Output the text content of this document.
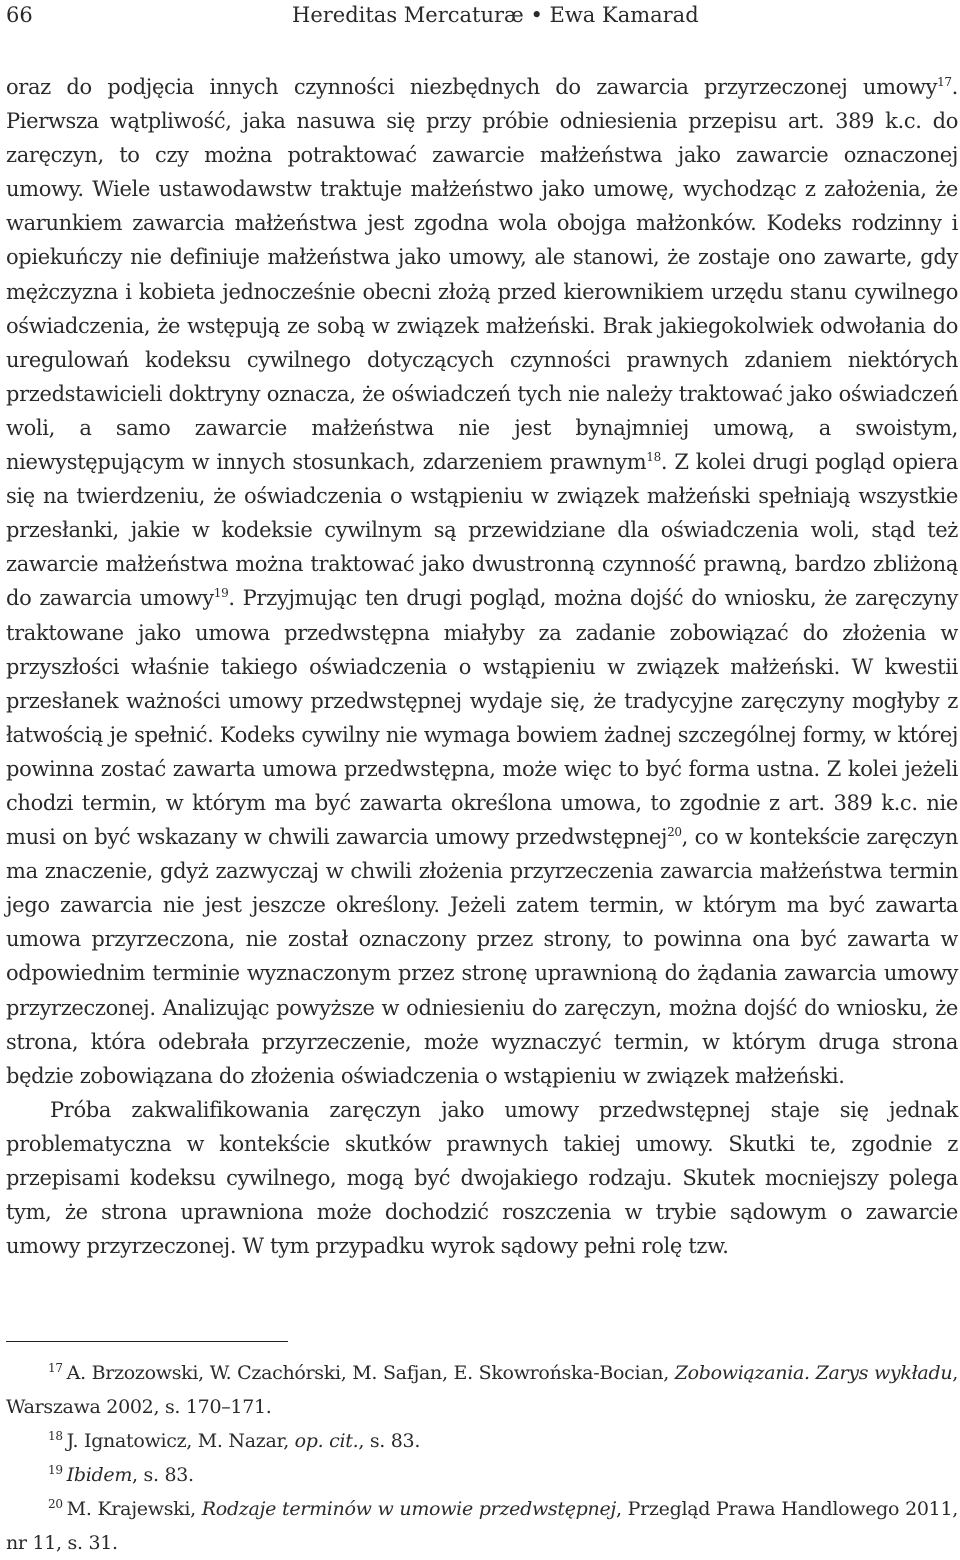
66	Hereditas Mercaturæ • Ewa Kamarad

oraz do podjęcia innych czynności niezbędnych do zawarcia przyrzeczonej umowy$^{17}$. Pierwsza wątpliwość, jaka nasuwa się przy próbie odniesienia przepisu art. 389 k.c. do zaręczyn, to czy można potraktować zawarcie małżeństwa jako zawarcie oznaczonej umowy. Wiele ustawodawstw traktuje małżeństwo jako umowę, wychodząc z założenia, że warunkiem zawarcia małżeństwa jest zgodna wola obojga małżonków. Kodeks rodzinny i opiekuńczy nie definiuje małżeństwa jako umowy, ale stanowi, że zostaje ono zawarte, gdy mężczyzna i kobieta jednocześnie obecni złożą przed kierownikiem urzędu stanu cywilnego oświadczenia, że wstępują ze sobą w związek małżeński. Brak jakiegokolwiek odwołania do uregulowań kodeksu cywilnego dotyczących czynności prawnych zdaniem niektórych przedstawicieli doktryny oznacza, że oświadczeń tych nie należy traktować jako oświadczeń woli, a samo zawarcie małżeństwa nie jest bynajmniej umową, a swoistym, niewystępującym w innych stosunkach, zdarzeniem prawnym$^{18}$. Z kolei drugi pogląd opiera się na twierdzeniu, że oświadczenia o wstąpieniu w związek małżeński spełniają wszystkie przesłanki, jakie w kodeksie cywilnym są przewidziane dla oświadczenia woli, stąd też zawarcie małżeństwa można traktować jako dwustronną czynność prawną, bardzo zbliżoną do zawarcia umowy$^{19}$. Przyjmując ten drugi pogląd, można dojść do wniosku, że zaręczyny traktowane jako umowa przedwstępna miałyby za zadanie zobowiązać do złożenia w przyszłości właśnie takiego oświadczenia o wstąpieniu w związek małżeński. W kwestii przesłanek ważności umowy przedwstępnej wydaje się, że tradycyjne zaręczyny mogłyby z łatwością je spełnić. Kodeks cywilny nie wymaga bowiem żadnej szczególnej formy, w której powinna zostać zawarta umowa przedwstępna, może więc to być forma ustna. Z kolei jeżeli chodzi termin, w którym ma być zawarta określona umowa, to zgodnie z art. 389 k.c. nie musi on być wskazany w chwili zawarcia umowy przedwstępnej$^{20}$, co w kontekście zaręczyn ma znaczenie, gdyż zazwyczaj w chwili złożenia przyrzeczenia zawarcia małżeństwa termin jego zawarcia nie jest jeszcze określony. Jeżeli zatem termin, w którym ma być zawarta umowa przyrzeczona, nie został oznaczony przez strony, to powinna ona być zawarta w odpowiednim terminie wyznaczonym przez stronę uprawnioną do żądania zawarcia umowy przyrzeczonej. Analizując powyższe w odniesieniu do zaręczyn, można dojść do wniosku, że strona, która odebrała przyrzeczenie, może wyznaczyć termin, w którym druga strona będzie zobowiązana do złożenia oświadczenia o wstąpieniu w związek małżeński.

Próba zakwalifikowania zaręczyn jako umowy przedwstępnej staje się jednak problematyczna w kontekście skutków prawnych takiej umowy. Skutki te, zgodnie z przepisami kodeksu cywilnego, mogą być dwojakiego rodzaju. Skutek mocniejszy polega tym, że strona uprawniona może dochodzić roszczenia w trybie sądowym o zawarcie umowy przyrzeczonej. W tym przypadku wyrok sądowy pełni rolę tzw.

$^{17}$ A. Brzozowski, W. Czachórski, M. Safjan, E. Skowrońska-Bocian, Zobowiązania. Zarys wykładu, Warszawa 2002, s. 170–171.

$^{18}$ J. Ignatowicz, M. Nazar, op. cit., s. 83.

$^{19}$ Ibidem, s. 83.

$^{20}$ M. Krajewski, Rodzaje terminów w umowie przedwstępnej, Przegląd Prawa Handlowego 2011, nr 11, s. 31.
